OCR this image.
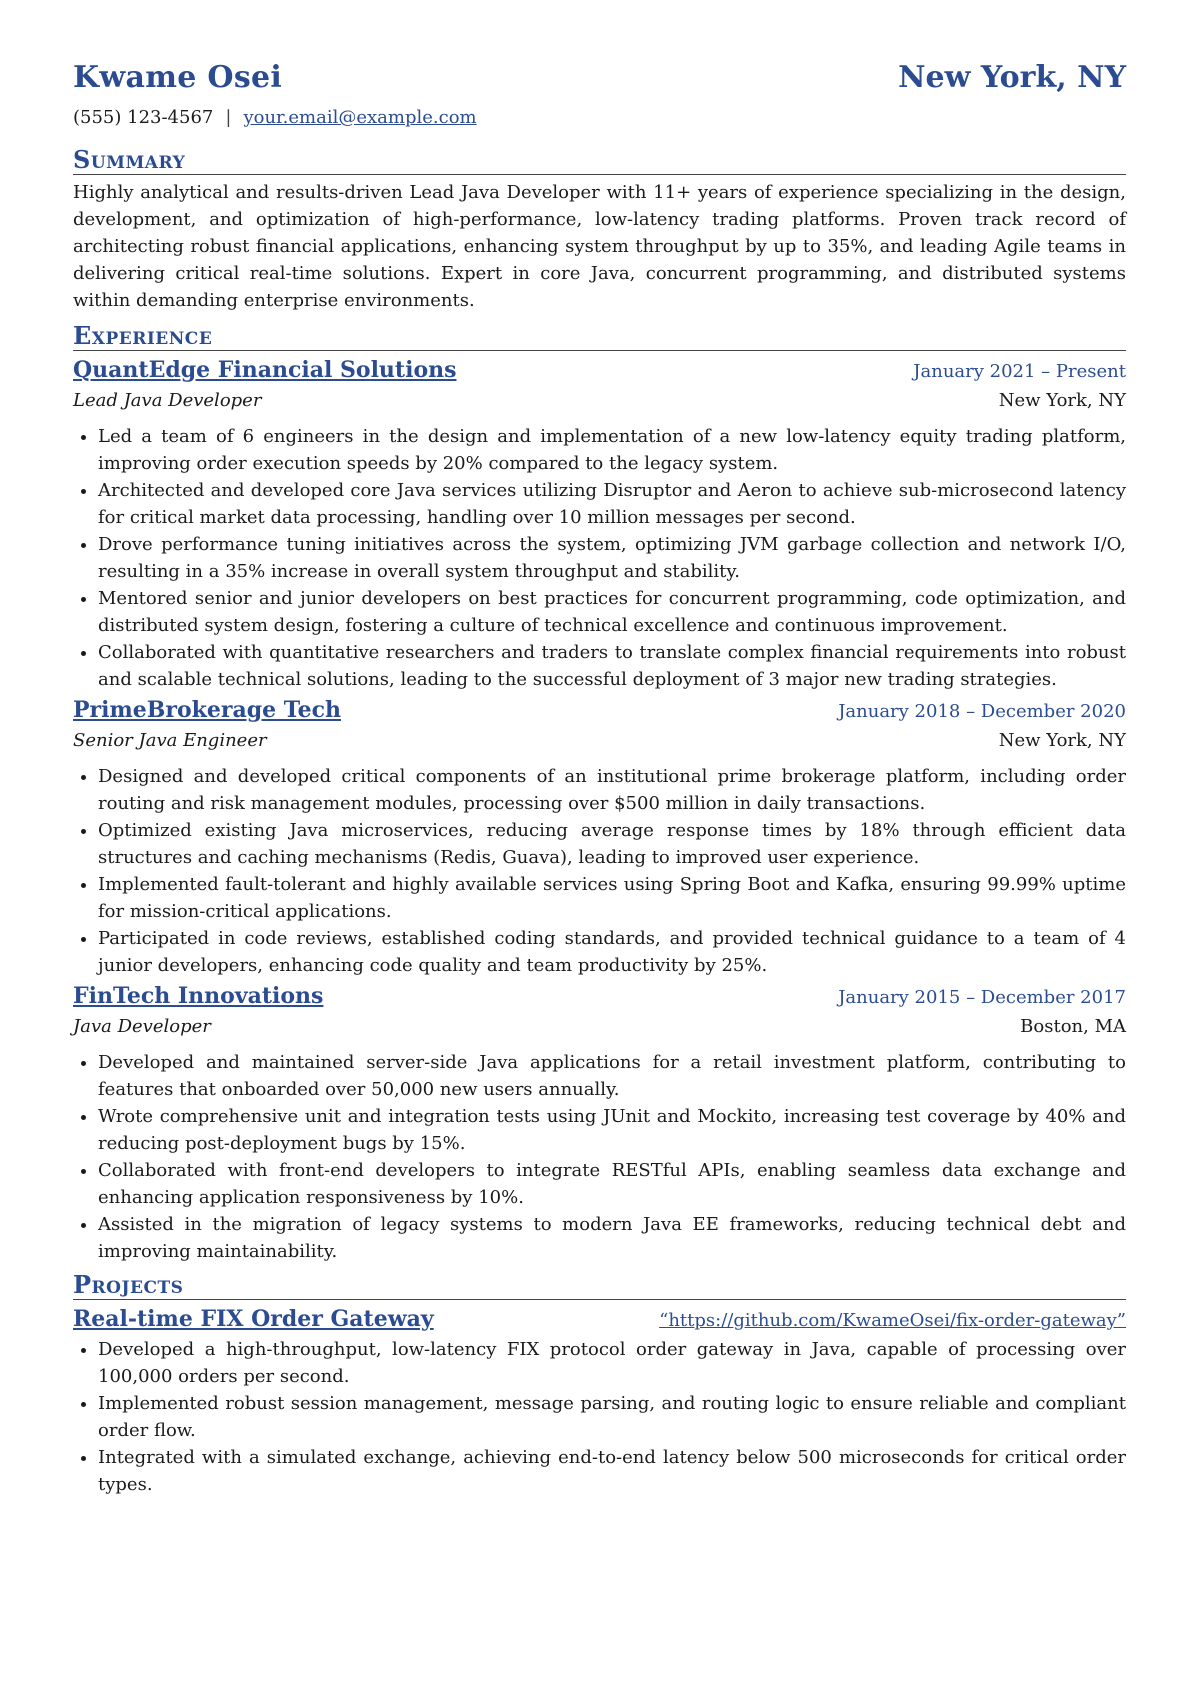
Kwame Osei	New York, NY
(555) 123-4567 | your.email@example.com
Summary
Highly analytical and results-driven Lead Java Developer with 11+ years of experience specializing in the design, development, and optimization of high-performance, low-latency trading platforms. Proven track record of architecting robust financial applications, enhancing system throughput by up to 35%, and leading Agile teams in delivering critical real-time solutions. Expert in core Java, concurrent programming, and distributed systems within demanding enterprise environments.
Experience
QuantEdge Financial Solutions	January 2021 – Present
Lead Java Developer	New York, NY
• Led a team of 6 engineers in the design and implementation of a new low-latency equity trading platform, improving order execution speeds by 20% compared to the legacy system.
• Architected and developed core Java services utilizing Disruptor and Aeron to achieve sub-microsecond latency for critical market data processing, handling over 10 million messages per second.
• Drove performance tuning initiatives across the system, optimizing JVM garbage collection and network I/O, resulting in a 35% increase in overall system throughput and stability.
• Mentored senior and junior developers on best practices for concurrent programming, code optimization, and distributed system design, fostering a culture of technical excellence and continuous improvement.
• Collaborated with quantitative researchers and traders to translate complex financial requirements into robust and scalable technical solutions, leading to the successful deployment of 3 major new trading strategies.
PrimeBrokerage Tech	January 2018 – December 2020
Senior Java Engineer	New York, NY
• Designed and developed critical components of an institutional prime brokerage platform, including order routing and risk management modules, processing over $500 million in daily transactions.
• Optimized existing Java microservices, reducing average response times by 18% through efficient data structures and caching mechanisms (Redis, Guava), leading to improved user experience.
• Implemented fault-tolerant and highly available services using Spring Boot and Kafka, ensuring 99.99% uptime for mission-critical applications.
• Participated in code reviews, established coding standards, and provided technical guidance to a team of 4 junior developers, enhancing code quality and team productivity by 25%.
FinTech Innovations	January 2015 – December 2017
Java Developer	Boston, MA
• Developed and maintained server-side Java applications for a retail investment platform, contributing to features that onboarded over 50,000 new users annually.
• Wrote comprehensive unit and integration tests using JUnit and Mockito, increasing test coverage by 40% and reducing post-deployment bugs by 15%.
• Collaborated with front-end developers to integrate RESTful APIs, enabling seamless data exchange and enhancing application responsiveness by 10%.
• Assisted in the migration of legacy systems to modern Java EE frameworks, reducing technical debt and improving maintainability.
Projects
Real-time FIX Order Gateway	“https://github.com/KwameOsei/fix-order-gateway”
• Developed a high-throughput, low-latency FIX protocol order gateway in Java, capable of processing over 100,000 orders per second.
• Implemented robust session management, message parsing, and routing logic to ensure reliable and compliant order flow.
• Integrated with a simulated exchange, achieving end-to-end latency below 500 microseconds for critical order types.
